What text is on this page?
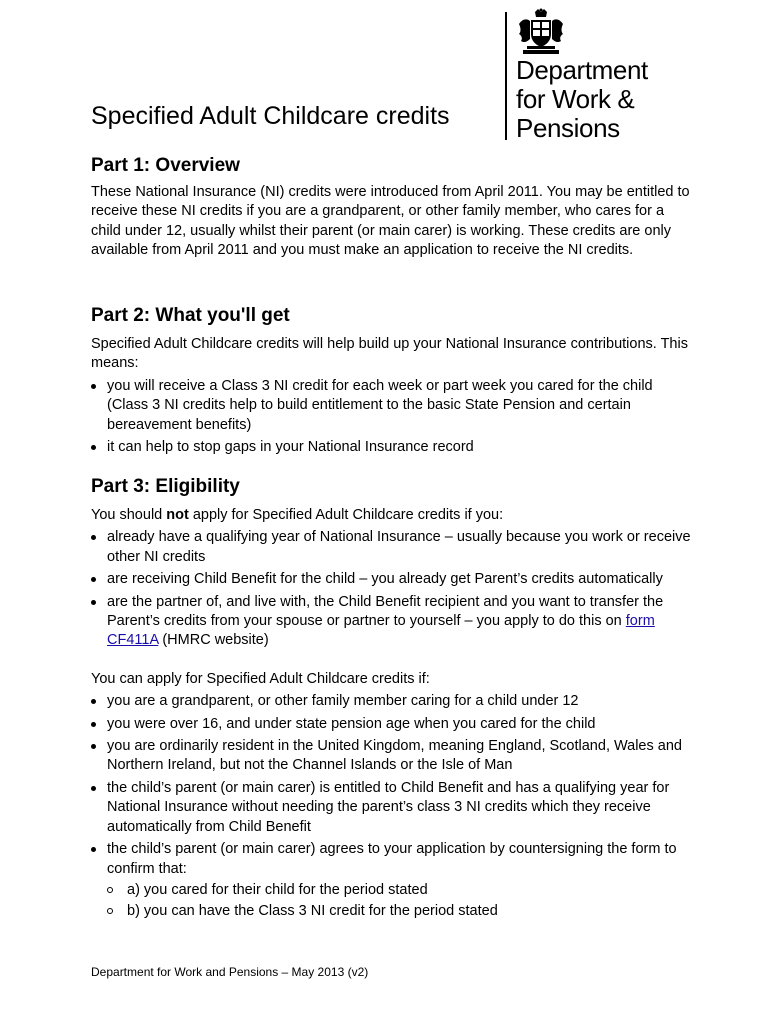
Department
for Work &
Pensions
Specified Adult Childcare credits
Part 1: Overview

These National Insurance (NI) credits were introduced from April 2011. You may be entitled to receive these NI credits if you are a grandparent, or other family member, who cares for a child under 12, usually whilst their parent (or main carer) is working. These credits are only available from April 2011 and you must make an application to receive the NI credits.

Part 2: What you'll get

Specified Adult Childcare credits will help build up your National Insurance contributions. This means:

you will receive a Class 3 NI credit for each week or part week you cared for the child (Class 3 NI credits help to build entitlement to the basic State Pension and certain bereavement benefits)
it can help to stop gaps in your National Insurance record
Part 3: Eligibility

You should not apply for Specified Adult Childcare credits if you:

already have a qualifying year of National Insurance – usually because you work or receive other NI credits
are receiving Child Benefit for the child – you already get Parent’s credits automatically
are the partner of, and live with, the Child Benefit recipient and you want to transfer the Parent’s credits from your spouse or partner to yourself – you apply to do this on form CF411A (HMRC website)

You can apply for Specified Adult Childcare credits if:

you are a grandparent, or other family member caring for a child under 12
you were over 16, and under state pension age when you cared for the child
you are ordinarily resident in the United Kingdom, meaning England, Scotland, Wales and Northern Ireland, but not the Channel Islands or the Isle of Man
the child’s parent (or main carer) is entitled to Child Benefit and has a qualifying year for National Insurance without needing the parent’s class 3 NI credits which they receive automatically from Child Benefit
the child’s parent (or main carer) agrees to your application by countersigning the form to confirm that:
a) you cared for their child for the period stated
b) you can have the Class 3 NI credit for the period stated
Department for Work and Pensions – May 2013 (v2)
